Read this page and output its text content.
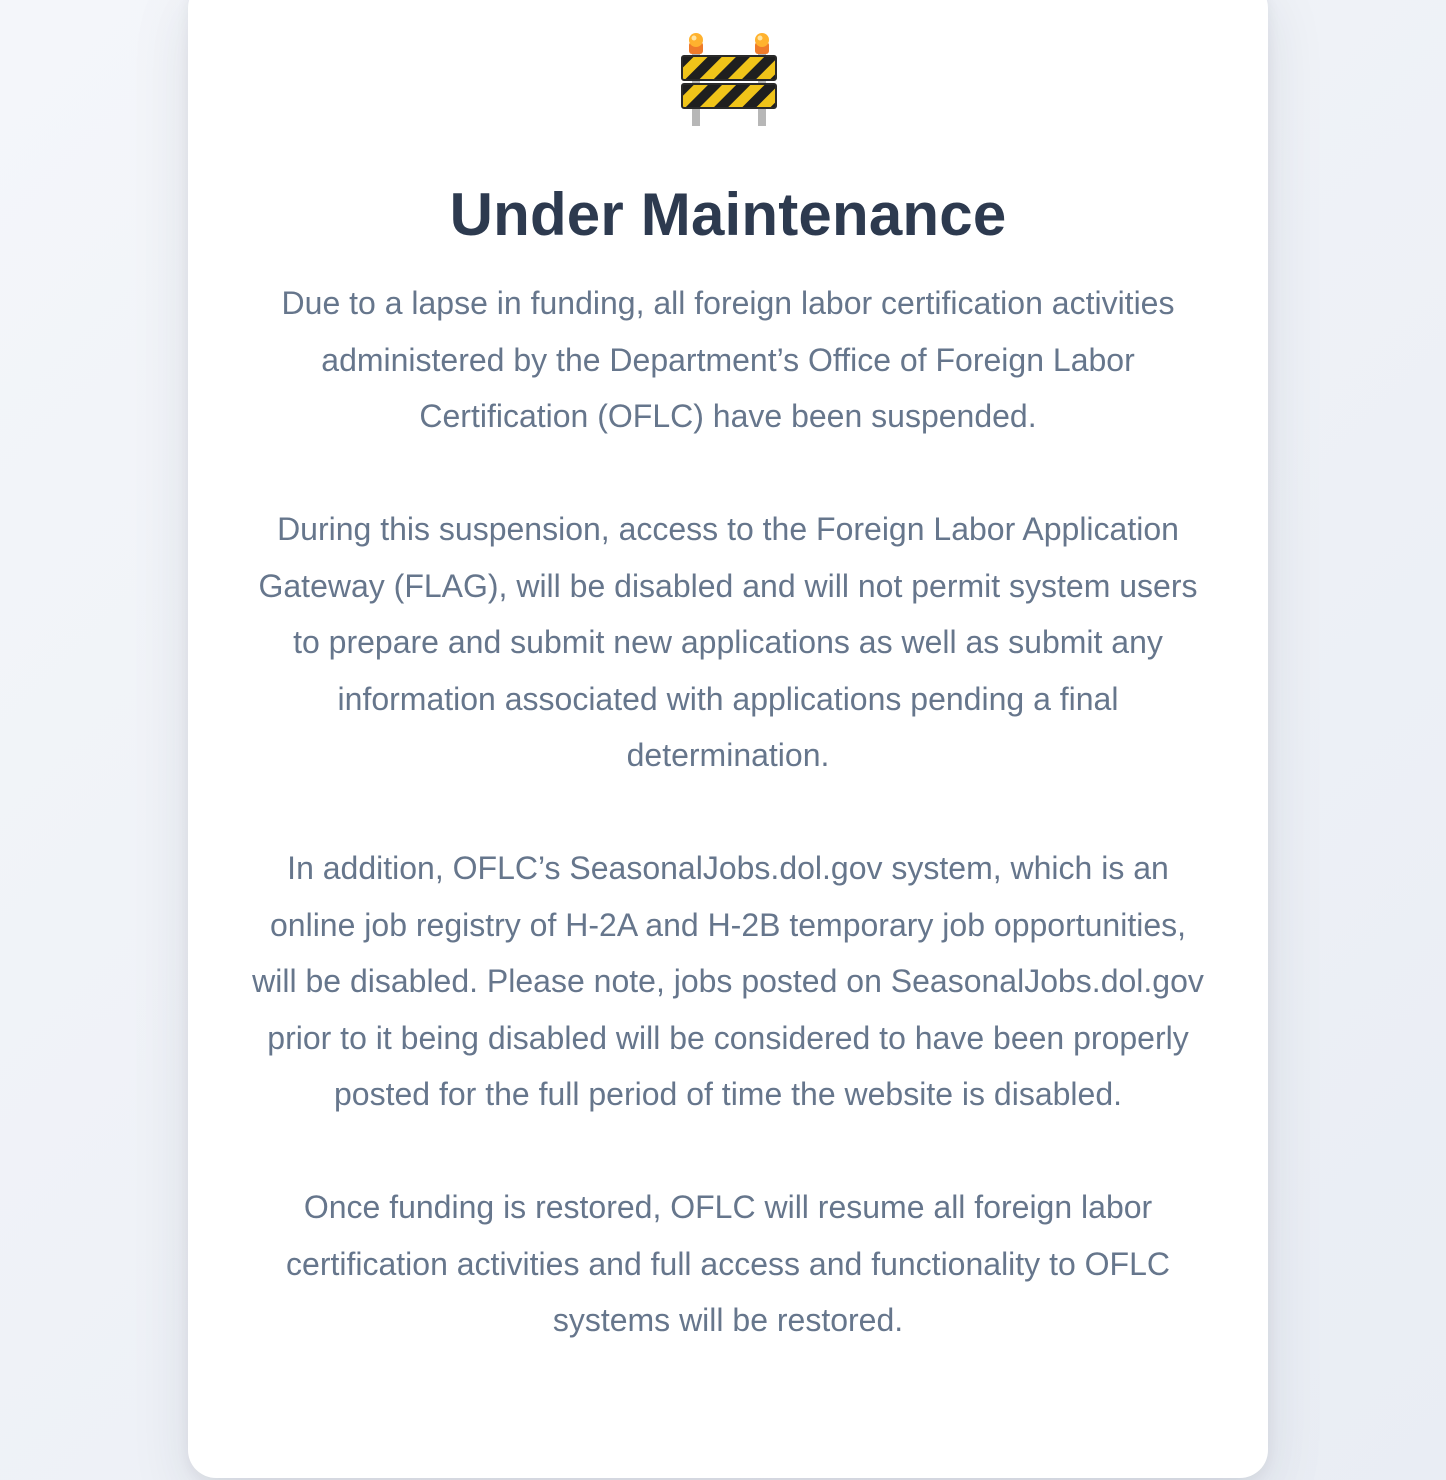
Under Maintenance

Due to a lapse in funding, all foreign labor certification activities administered by the Department’s Office of Foreign Labor Certification (OFLC) have been suspended.

During this suspension, access to the Foreign Labor Application Gateway (FLAG), will be disabled and will not permit system users to prepare and submit new applications as well as submit any information associated with applications pending a final determination.

In addition, OFLC’s SeasonalJobs.dol.gov system, which is an online job registry of H-2A and H-2B temporary job opportunities, will be disabled. Please note, jobs posted on SeasonalJobs.dol.gov prior to it being disabled will be considered to have been properly posted for the full period of time the website is disabled.

Once funding is restored, OFLC will resume all foreign labor certification activities and full access and functionality to OFLC systems will be restored.
